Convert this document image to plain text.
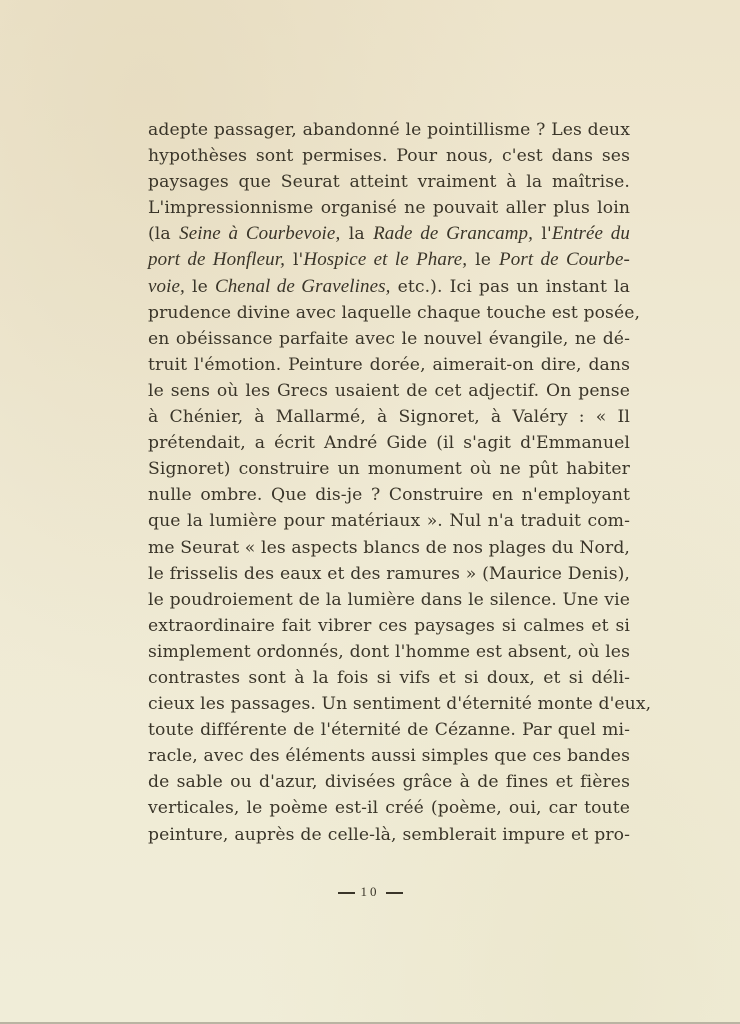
adepte passager, abandonné le pointillisme ? Les deux
hypothèses sont permises. Pour nous, c'est dans ses
paysages que Seurat atteint vraiment à la maîtrise.
L'impressionnisme organisé ne pouvait aller plus loin
(la Seine à Courbevoie, la Rade de Grancamp, l'Entrée du
port de Honfleur, l'Hospice et le Phare, le Port de Courbe-
voie, le Chenal de Gravelines, etc.). Ici pas un instant la
prudence divine avec laquelle chaque touche est posée,
en obéissance parfaite avec le nouvel évangile, ne dé-
truit l'émotion. Peinture dorée, aimerait-on dire, dans
le sens où les Grecs usaient de cet adjectif. On pense
à Chénier, à Mallarmé, à Signoret, à Valéry : « Il
prétendait, a écrit André Gide (il s'agit d'Emmanuel
Signoret) construire un monument où ne pût habiter
nulle ombre. Que dis-je ? Construire en n'employant
que la lumière pour matériaux ». Nul n'a traduit com-
me Seurat « les aspects blancs de nos plages du Nord,
le frisselis des eaux et des ramures » (Maurice Denis),
le poudroiement de la lumière dans le silence. Une vie
extraordinaire fait vibrer ces paysages si calmes et si
simplement ordonnés, dont l'homme est absent, où les
contrastes sont à la fois si vifs et si doux, et si déli-
cieux les passages. Un sentiment d'éternité monte d'eux,
toute différente de l'éternité de Cézanne. Par quel mi-
racle, avec des éléments aussi simples que ces bandes
de sable ou d'azur, divisées grâce à de fines et fières
verticales, le poème est-il créé (poème, oui, car toute
peinture, auprès de celle-là, semblerait impure et pro-
10
